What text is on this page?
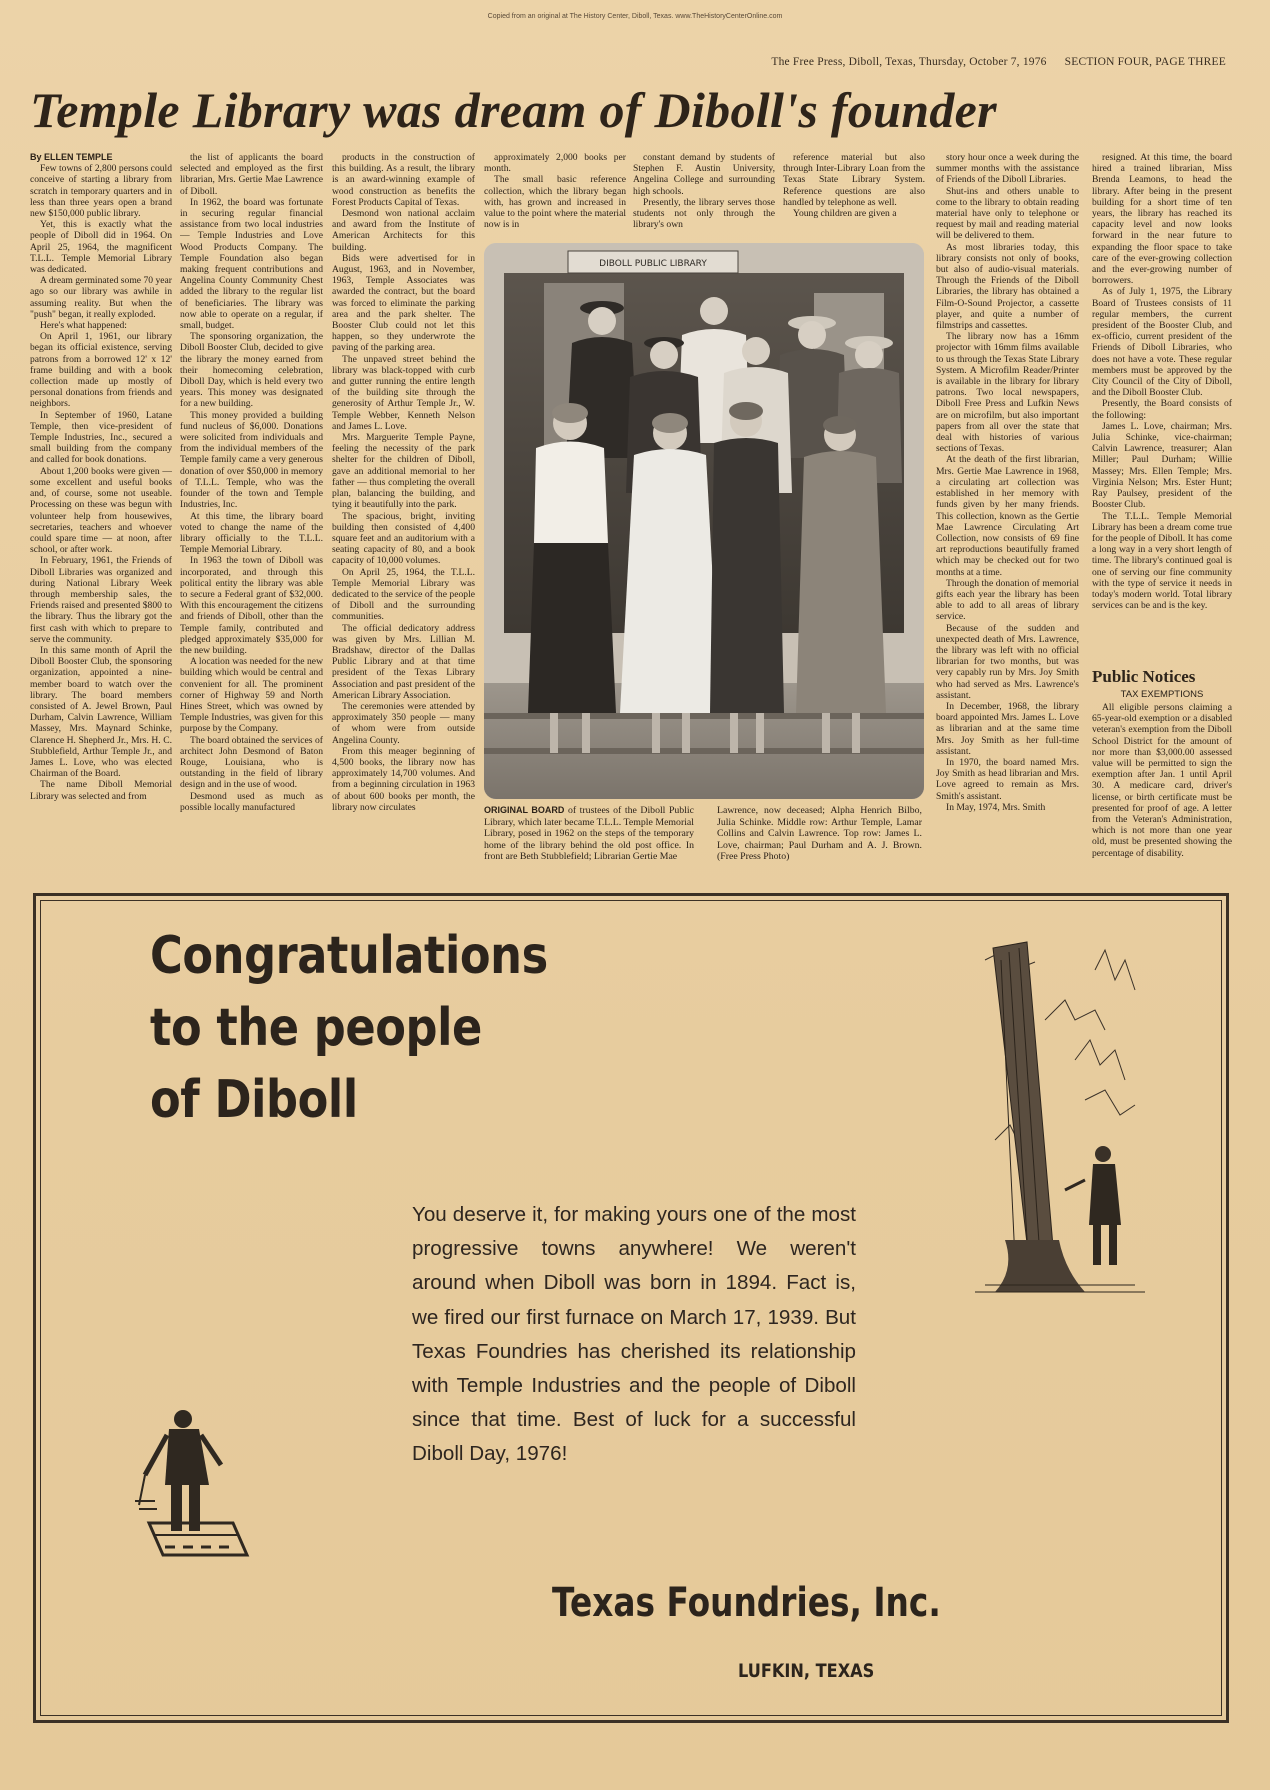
Copied from an original at The History Center, Diboll, Texas. www.TheHistoryCenterOnline.com
The Free Press, Diboll, Texas, Thursday, October 7, 1976 SECTION FOUR, PAGE THREE
Temple Library was dream of Diboll's founder

By ELLEN TEMPLE

Few towns of 2,800 persons could conceive of starting a library from scratch in temporary quarters and in less than three years open a brand new $150,000 public library.

Yet, this is exactly what the people of Diboll did in 1964. On April 25, 1964, the magnificent T.L.L. Temple Memorial Library was dedicated.

A dream germinated some 70 year ago so our library was awhile in assuming reality. But when the "push" began, it really exploded.

Here's what happened:

On April 1, 1961, our library began its official existence, serving patrons from a borrowed 12' x 12' frame building and with a book collection made up mostly of personal donations from friends and neighbors.

In September of 1960, Latane Temple, then vice-president of Temple Industries, Inc., secured a small building from the company and called for book donations.

About 1,200 books were given — some excellent and useful books and, of course, some not useable. Processing on these was begun with volunteer help from housewives, secretaries, teachers and whoever could spare time — at noon, after school, or after work.

In February, 1961, the Friends of Diboll Libraries was organized and during National Library Week through membership sales, the Friends raised and presented $800 to the library. Thus the library got the first cash with which to prepare to serve the community.

In this same month of April the Diboll Booster Club, the sponsoring organization, appointed a nine-member board to watch over the library. The board members consisted of A. Jewel Brown, Paul Durham, Calvin Lawrence, William Massey, Mrs. Maynard Schinke, Clarence H. Shepherd Jr., Mrs. H. C. Stubblefield, Arthur Temple Jr., and James L. Love, who was elected Chairman of the Board.

The name Diboll Memorial Library was selected and from

the list of applicants the board selected and employed as the first librarian, Mrs. Gertie Mae Lawrence of Diboll.

In 1962, the board was fortunate in securing regular financial assistance from two local industries — Temple Industries and Love Wood Products Company. The Temple Foundation also began making frequent contributions and Angelina County Community Chest added the library to the regular list of beneficiaries. The library was now able to operate on a regular, if small, budget.

The sponsoring organization, the Diboll Booster Club, decided to give the library the money earned from their homecoming celebration, Diboll Day, which is held every two years. This money was designated for a new building.

This money provided a building fund nucleus of $6,000. Donations were solicited from individuals and from the individual members of the Temple family came a very generous donation of over $50,000 in memory of T.L.L. Temple, who was the founder of the town and Temple Industries, Inc.

At this time, the library board voted to change the name of the library officially to the T.L.L. Temple Memorial Library.

In 1963 the town of Diboll was incorporated, and through this political entity the library was able to secure a Federal grant of $32,000. With this encouragement the citizens and friends of Diboll, other than the Temple family, contributed and pledged approximately $35,000 for the new building.

A location was needed for the new building which would be central and convenient for all. The prominent corner of Highway 59 and North Hines Street, which was owned by Temple Industries, was given for this purpose by the Company.

The board obtained the services of architect John Desmond of Baton Rouge, Louisiana, who is outstanding in the field of library design and in the use of wood.

Desmond used as much as possible locally manufactured

products in the construction of this building. As a result, the library is an award-winning example of wood construction as benefits the Forest Products Capital of Texas.

Desmond won national acclaim and award from the Institute of American Architects for this building.

Bids were advertised for in August, 1963, and in November, 1963, Temple Associates was awarded the contract, but the board was forced to eliminate the parking area and the park shelter. The Booster Club could not let this happen, so they underwrote the paving of the parking area.

The unpaved street behind the library was black-topped with curb and gutter running the entire length of the building site through the generosity of Arthur Temple Jr., W. Temple Webber, Kenneth Nelson and James L. Love.

Mrs. Marguerite Temple Payne, feeling the necessity of the park shelter for the children of Diboll, gave an additional memorial to her father — thus completing the overall plan, balancing the building, and tying it beautifully into the park.

The spacious, bright, inviting building then consisted of 4,400 square feet and an auditorium with a seating capacity of 80, and a book capacity of 10,000 volumes.

On April 25, 1964, the T.L.L. Temple Memorial Library was dedicated to the service of the people of Diboll and the surrounding communities.

The official dedicatory address was given by Mrs. Lillian M. Bradshaw, director of the Dallas Public Library and at that time president of the Texas Library Association and past president of the American Library Association.

The ceremonies were attended by approximately 350 people — many of whom were from outside Angelina County.

From this meager beginning of 4,500 books, the library now has approximately 14,700 volumes. And from a beginning circulation in 1963 of about 600 books per month, the library now circulates

approximately 2,000 books per month.

The small basic reference collection, which the library began with, has grown and increased in value to the point where the material now is in

constant demand by students of Stephen F. Austin University, Angelina College and surrounding high schools.

Presently, the library serves those students not only through the library's own

reference material but also through Inter-Library Loan from the Texas State Library System. Reference questions are also handled by telephone as well.

Young children are given a

story hour once a week during the summer months with the assistance of Friends of the Diboll Libraries.

Shut-ins and others unable to come to the library to obtain reading material have only to telephone or request by mail and reading material will be delivered to them.

As most libraries today, this library consists not only of books, but also of audio-visual materials. Through the Friends of the Diboll Libraries, the library has obtained a Film-O-Sound Projector, a cassette player, and quite a number of filmstrips and cassettes.

The library now has a 16mm projector with 16mm films available to us through the Texas State Library System. A Microfilm Reader/Printer is available in the library for library patrons. Two local newspapers, Diboll Free Press and Lufkin News are on microfilm, but also important papers from all over the state that deal with histories of various sections of Texas.

At the death of the first librarian, Mrs. Gertie Mae Lawrence in 1968, a circulating art collection was established in her memory with funds given by her many friends. This collection, known as the Gertie Mae Lawrence Circulating Art Collection, now consists of 69 fine art reproductions beautifully framed which may be checked out for two months at a time.

Through the donation of memorial gifts each year the library has been able to add to all areas of library service.

Because of the sudden and unexpected death of Mrs. Lawrence, the library was left with no official librarian for two months, but was very capably run by Mrs. Joy Smith who had served as Mrs. Lawrence's assistant.

In December, 1968, the library board appointed Mrs. James L. Love as librarian and at the same time Mrs. Joy Smith as her full-time assistant.

In 1970, the board named Mrs. Joy Smith as head librarian and Mrs. Love agreed to remain as Mrs. Smith's assistant.

In May, 1974, Mrs. Smith

resigned. At this time, the board hired a trained librarian, Miss Brenda Leamons, to head the library. After being in the present building for a short time of ten years, the library has reached its capacity level and now looks forward in the near future to expanding the floor space to take care of the ever-growing collection and the ever-growing number of borrowers.

As of July 1, 1975, the Library Board of Trustees consists of 11 regular members, the current president of the Booster Club, and ex-officio, current president of the Friends of Diboll Libraries, who does not have a vote. These regular members must be approved by the City Council of the City of Diboll, and the Diboll Booster Club.

Presently, the Board consists of the following:

James L. Love, chairman; Mrs. Julia Schinke, vice-chairman; Calvin Lawrence, treasurer; Alan Miller; Paul Durham; Willie Massey; Mrs. Ellen Temple; Mrs. Virginia Nelson; Mrs. Ester Hunt; Ray Paulsey, president of the Booster Club.

The T.L.L. Temple Memorial Library has been a dream come true for the people of Diboll. It has come a long way in a very short length of time. The library's continued goal is one of serving our fine community with the type of service it needs in today's modern world. Total library services can be and is the key.

DIBOLL PUBLIC LIBRARY
ORIGINAL BOARD of trustees of the Diboll Public Library, which later became T.L.L. Temple Memorial Library, posed in 1962 on the steps of the temporary home of the library behind the old post office. In front are Beth Stubblefield; Librarian Gertie Mae
Lawrence, now deceased; Alpha Henrich Bilbo, Julia Schinke. Middle row: Arthur Temple, Lamar Collins and Calvin Lawrence. Top row: James L. Love, chairman; Paul Durham and A. J. Brown. (Free Press Photo)
Public Notices
TAX EXEMPTIONS

All eligible persons claiming a 65-year-old exemption or a disabled veteran's exemption from the Diboll School District for the amount of nor more than $3,000.00 assessed value will be permitted to sign the exemption after Jan. 1 until April 30. A medicare card, driver's license, or birth certificate must be presented for proof of age. A letter from the Veteran's Administration, which is not more than one year old, must be presented showing the percentage of disability.

Congratulations
to the people
of Diboll
You deserve it, for making yours one of the most progressive towns anywhere! We weren't around when Diboll was born in 1894. Fact is, we fired our first furnace on March 17, 1939. But Texas Foundries has cherished its relationship with Temple Industries and the people of Diboll since that time. Best of luck for a successful Diboll Day, 1976!
Texas Foundries, Inc.
LUFKIN, TEXAS
